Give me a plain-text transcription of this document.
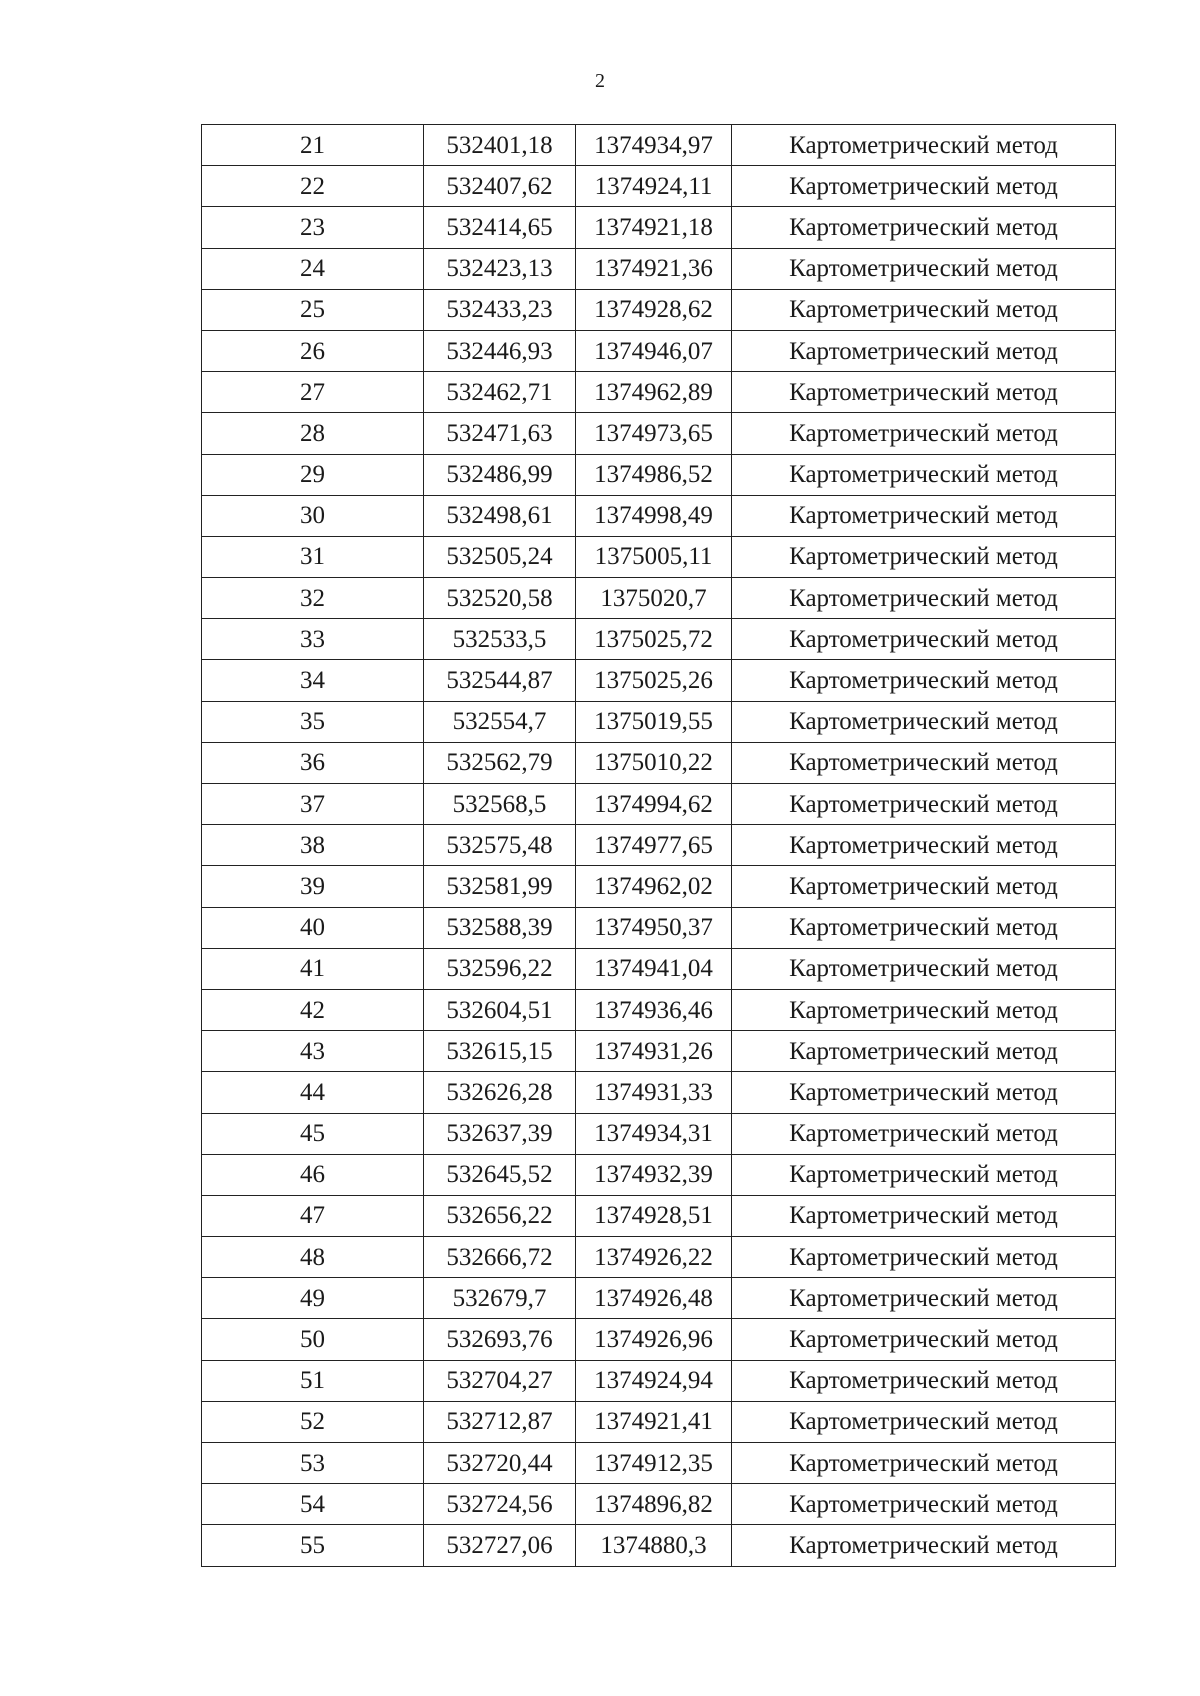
2
21	532401,18	1374934,97	Картометрический метод
22	532407,62	1374924,11	Картометрический метод
23	532414,65	1374921,18	Картометрический метод
24	532423,13	1374921,36	Картометрический метод
25	532433,23	1374928,62	Картометрический метод
26	532446,93	1374946,07	Картометрический метод
27	532462,71	1374962,89	Картометрический метод
28	532471,63	1374973,65	Картометрический метод
29	532486,99	1374986,52	Картометрический метод
30	532498,61	1374998,49	Картометрический метод
31	532505,24	1375005,11	Картометрический метод
32	532520,58	1375020,7	Картометрический метод
33	532533,5	1375025,72	Картометрический метод
34	532544,87	1375025,26	Картометрический метод
35	532554,7	1375019,55	Картометрический метод
36	532562,79	1375010,22	Картометрический метод
37	532568,5	1374994,62	Картометрический метод
38	532575,48	1374977,65	Картометрический метод
39	532581,99	1374962,02	Картометрический метод
40	532588,39	1374950,37	Картометрический метод
41	532596,22	1374941,04	Картометрический метод
42	532604,51	1374936,46	Картометрический метод
43	532615,15	1374931,26	Картометрический метод
44	532626,28	1374931,33	Картометрический метод
45	532637,39	1374934,31	Картометрический метод
46	532645,52	1374932,39	Картометрический метод
47	532656,22	1374928,51	Картометрический метод
48	532666,72	1374926,22	Картометрический метод
49	532679,7	1374926,48	Картометрический метод
50	532693,76	1374926,96	Картометрический метод
51	532704,27	1374924,94	Картометрический метод
52	532712,87	1374921,41	Картометрический метод
53	532720,44	1374912,35	Картометрический метод
54	532724,56	1374896,82	Картометрический метод
55	532727,06	1374880,3	Картометрический метод
